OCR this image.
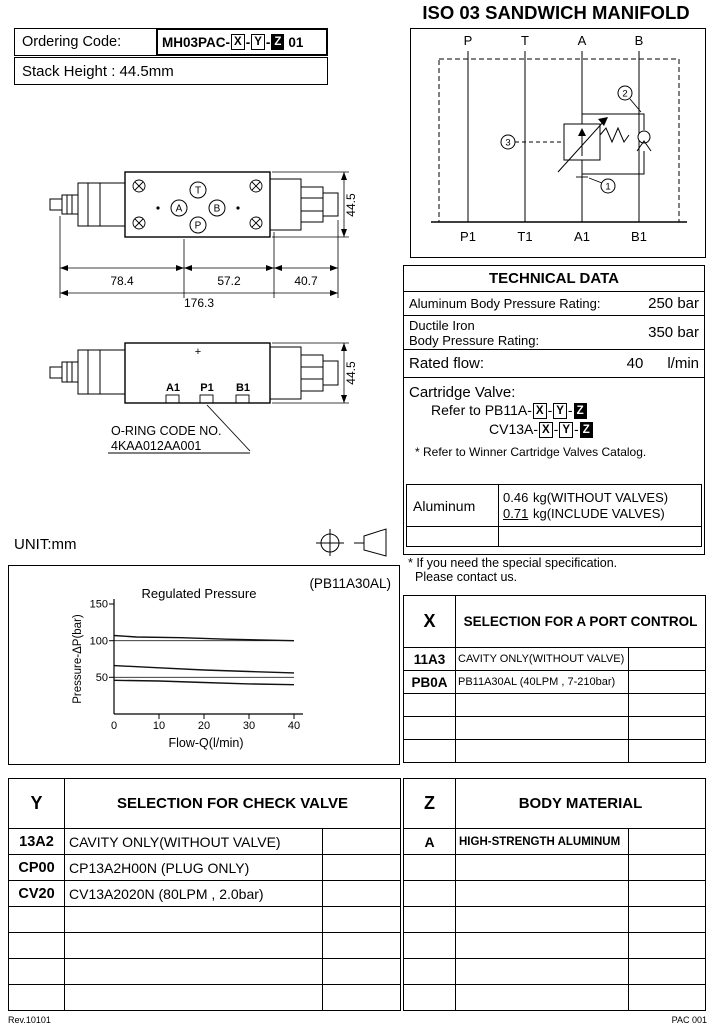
ISO 03 SANDWICH MANIFOLD
Ordering Code:	MH03PAC- X - Y - Z 01
Stack Height : 44.5mm
P	T	A	B
P1	T1	A1	B1
3
2
1
T
A	B
P
44.5
78.4	57.2	40.7
176.3
+
A1 P1 B1
44.5
O-RING CODE NO.
4KAA012AA001
UNIT:mm
(PB11A30AL)
Regulated Pressure
50
100
150
0	10	20	30	40
Flow-Q(l/min)
Pressure-ΔP(bar)
TECHNICAL DATA
Aluminum Body Pressure Rating:	250 bar
Ductile Iron
Body Pressure Rating:	350 bar
Rated flow:	40 l/min
Cartridge Valve:
Refer to PB11A- X - Y - Z
CV13A- X - Y - Z
* Refer to Winner Cartridge Valves Catalog.
Aluminum	0.46 kg(WITHOUT VALVES)
0.71 kg(INCLUDE VALVES)

* If you need the special specification.
Please contact us.
X	SELECTION FOR A PORT CONTROL	
11A3	CAVITY ONLY(WITHOUT VALVE)	
PB0A	PB11A30AL (40LPM , 7-210bar)	

Y	SELECTION FOR CHECK VALVE	
13A2	CAVITY ONLY(WITHOUT VALVE)	
CP00	CP13A2H00N (PLUG ONLY)	
CV20	CV13A2020N (80LPM , 2.0bar)	

Z	BODY MATERIAL	
A	HIGH-STRENGTH ALUMINUM	

Rev.10101	PAC 001
